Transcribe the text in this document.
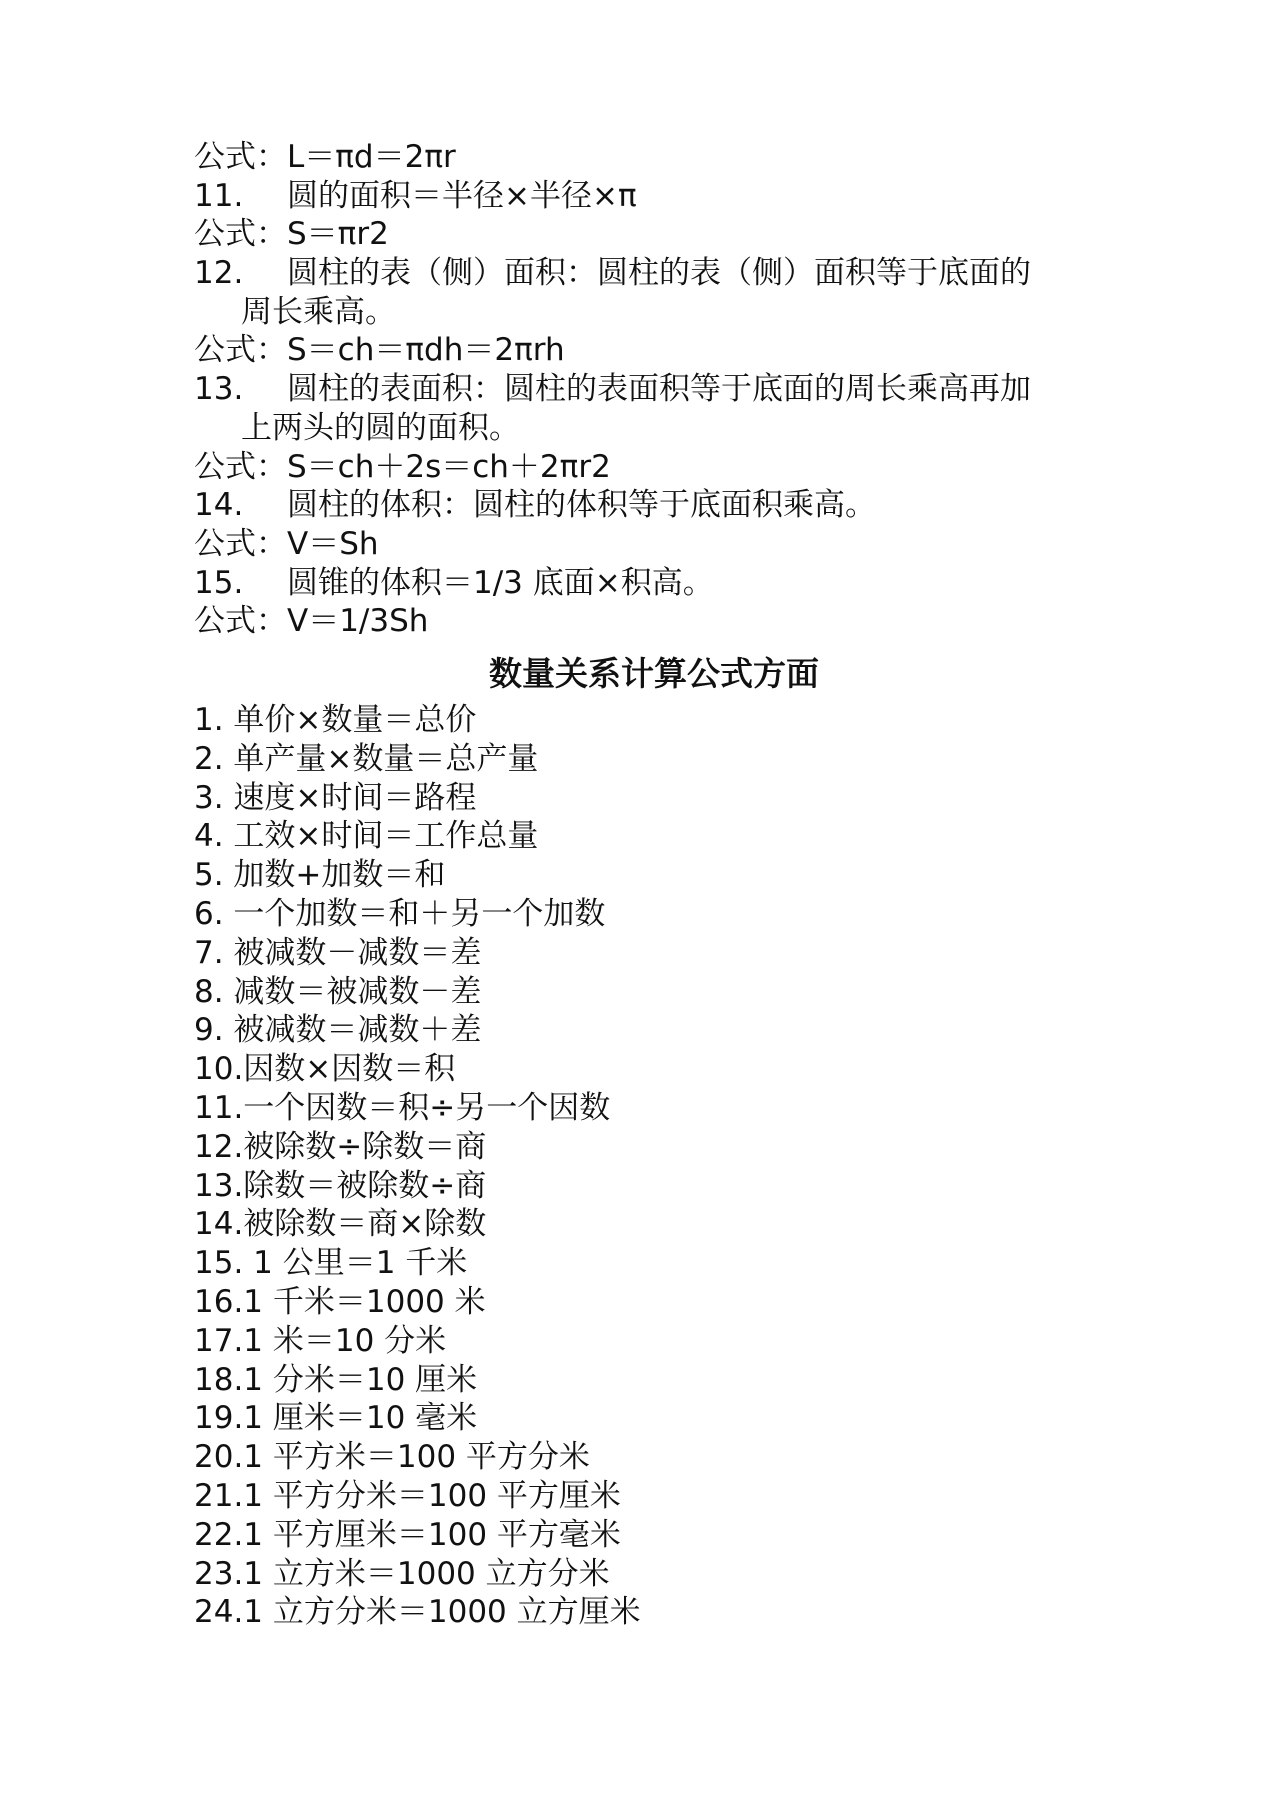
公式：L＝πd＝2πr
11. 圆的面积＝半径×半径×π
公式：S＝πr2
12. 圆柱的表（侧）面积：圆柱的表（侧）面积等于底面的
周长乘高。
公式：S＝ch＝πdh＝2πrh
13. 圆柱的表面积：圆柱的表面积等于底面的周长乘高再加
上两头的圆的面积。
公式：S＝ch＋2s＝ch＋2πr2
14. 圆柱的体积：圆柱的体积等于底面积乘高。
公式：V＝Sh
15. 圆锥的体积＝1/3 底面×积高。
公式：V＝1/3Sh
数量关系计算公式方面
1. 单价×数量＝总价
2. 单产量×数量＝总产量
3. 速度×时间＝路程
4. 工效×时间＝工作总量
5. 加数+加数＝和
6. 一个加数＝和＋另一个加数
7. 被减数－减数＝差
8. 减数＝被减数－差
9. 被减数＝减数＋差
10.因数×因数＝积
11.一个因数＝积÷另一个因数
12.被除数÷除数＝商
13.除数＝被除数÷商
14.被除数＝商×除数
15. 1 公里＝1 千米
16.1 千米＝1000 米
17.1 米＝10 分米
18.1 分米＝10 厘米
19.1 厘米＝10 毫米
20.1 平方米＝100 平方分米
21.1 平方分米＝100 平方厘米
22.1 平方厘米＝100 平方毫米
23.1 立方米＝1000 立方分米
24.1 立方分米＝1000 立方厘米
